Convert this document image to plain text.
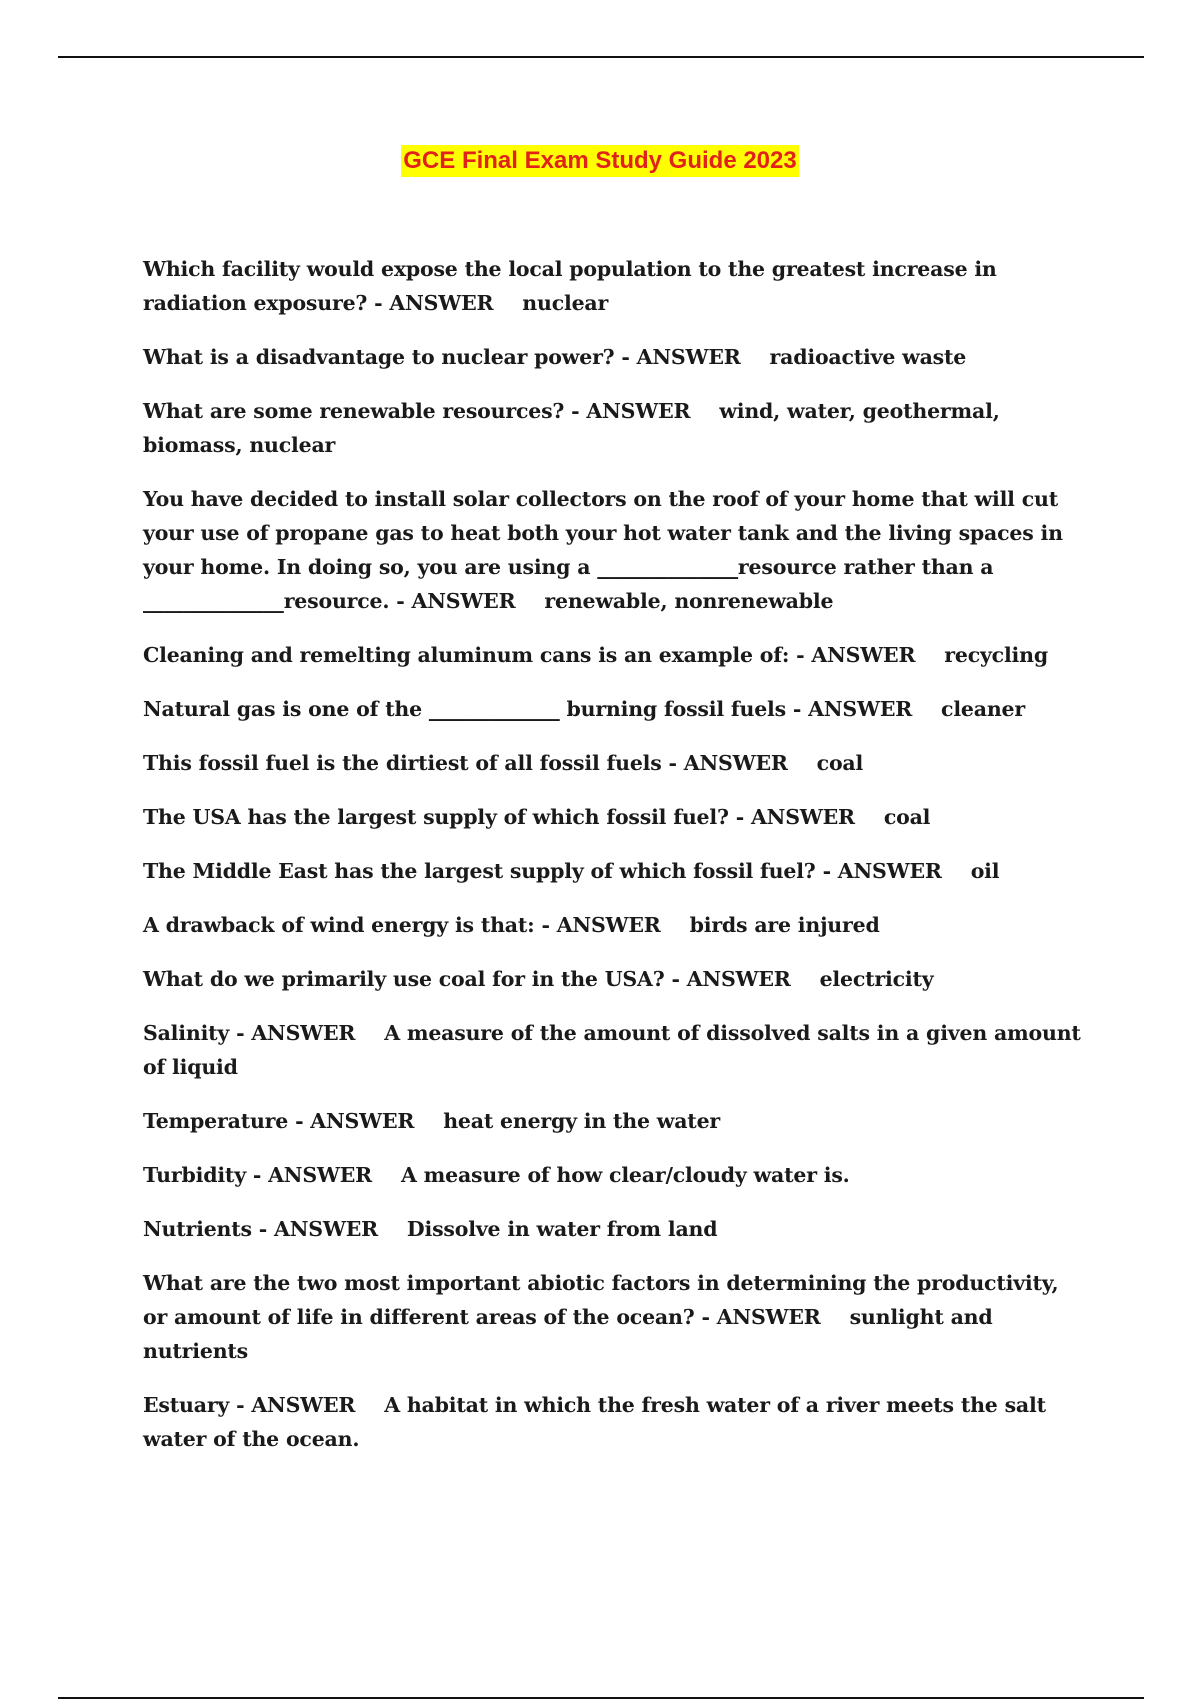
GCE Final Exam Study Guide 2023

Which facility would expose the local population to the greatest increase in radiation exposure? - ANSWER nuclear

What is a disadvantage to nuclear power? - ANSWER radioactive waste

What are some renewable resources? - ANSWER wind, water, geothermal, biomass, nuclear

You have decided to install solar collectors on the roof of your home that will cut your use of propane gas to heat both your hot water tank and the living spaces in your home. In doing so, you are using a ______________resource rather than a ______________resource. - ANSWER renewable, nonrenewable

Cleaning and remelting aluminum cans is an example of: - ANSWER recycling

Natural gas is one of the _____________ burning fossil fuels - ANSWER cleaner

This fossil fuel is the dirtiest of all fossil fuels - ANSWER coal

The USA has the largest supply of which fossil fuel? - ANSWER coal

The Middle East has the largest supply of which fossil fuel? - ANSWER oil

A drawback of wind energy is that: - ANSWER birds are injured

What do we primarily use coal for in the USA? - ANSWER electricity

Salinity - ANSWER A measure of the amount of dissolved salts in a given amount of liquid

Temperature - ANSWER heat energy in the water

Turbidity - ANSWER A measure of how clear/cloudy water is.

Nutrients - ANSWER Dissolve in water from land

What are the two most important abiotic factors in determining the productivity, or amount of life in different areas of the ocean? - ANSWER sunlight and nutrients

Estuary - ANSWER A habitat in which the fresh water of a river meets the salt water of the ocean.
